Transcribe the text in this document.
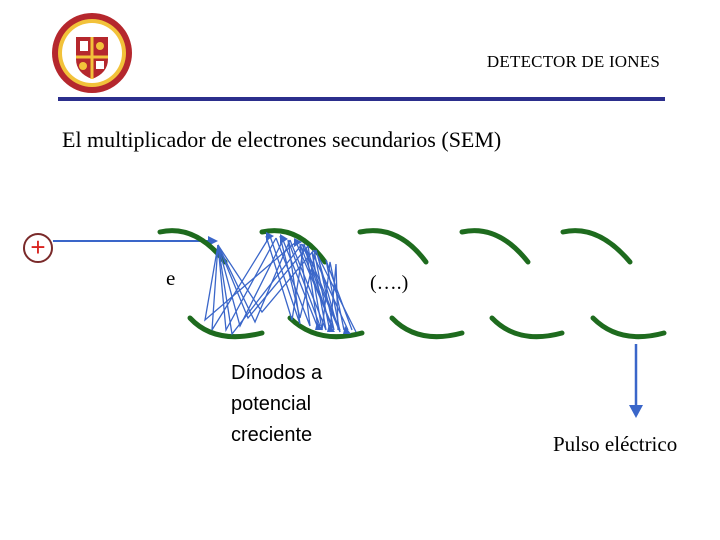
DETECTOR DE IONES
El multiplicador de electrones secundarios (SEM)
+
e	(….)
Dínodos a
potencial
creciente	Pulso eléctrico
